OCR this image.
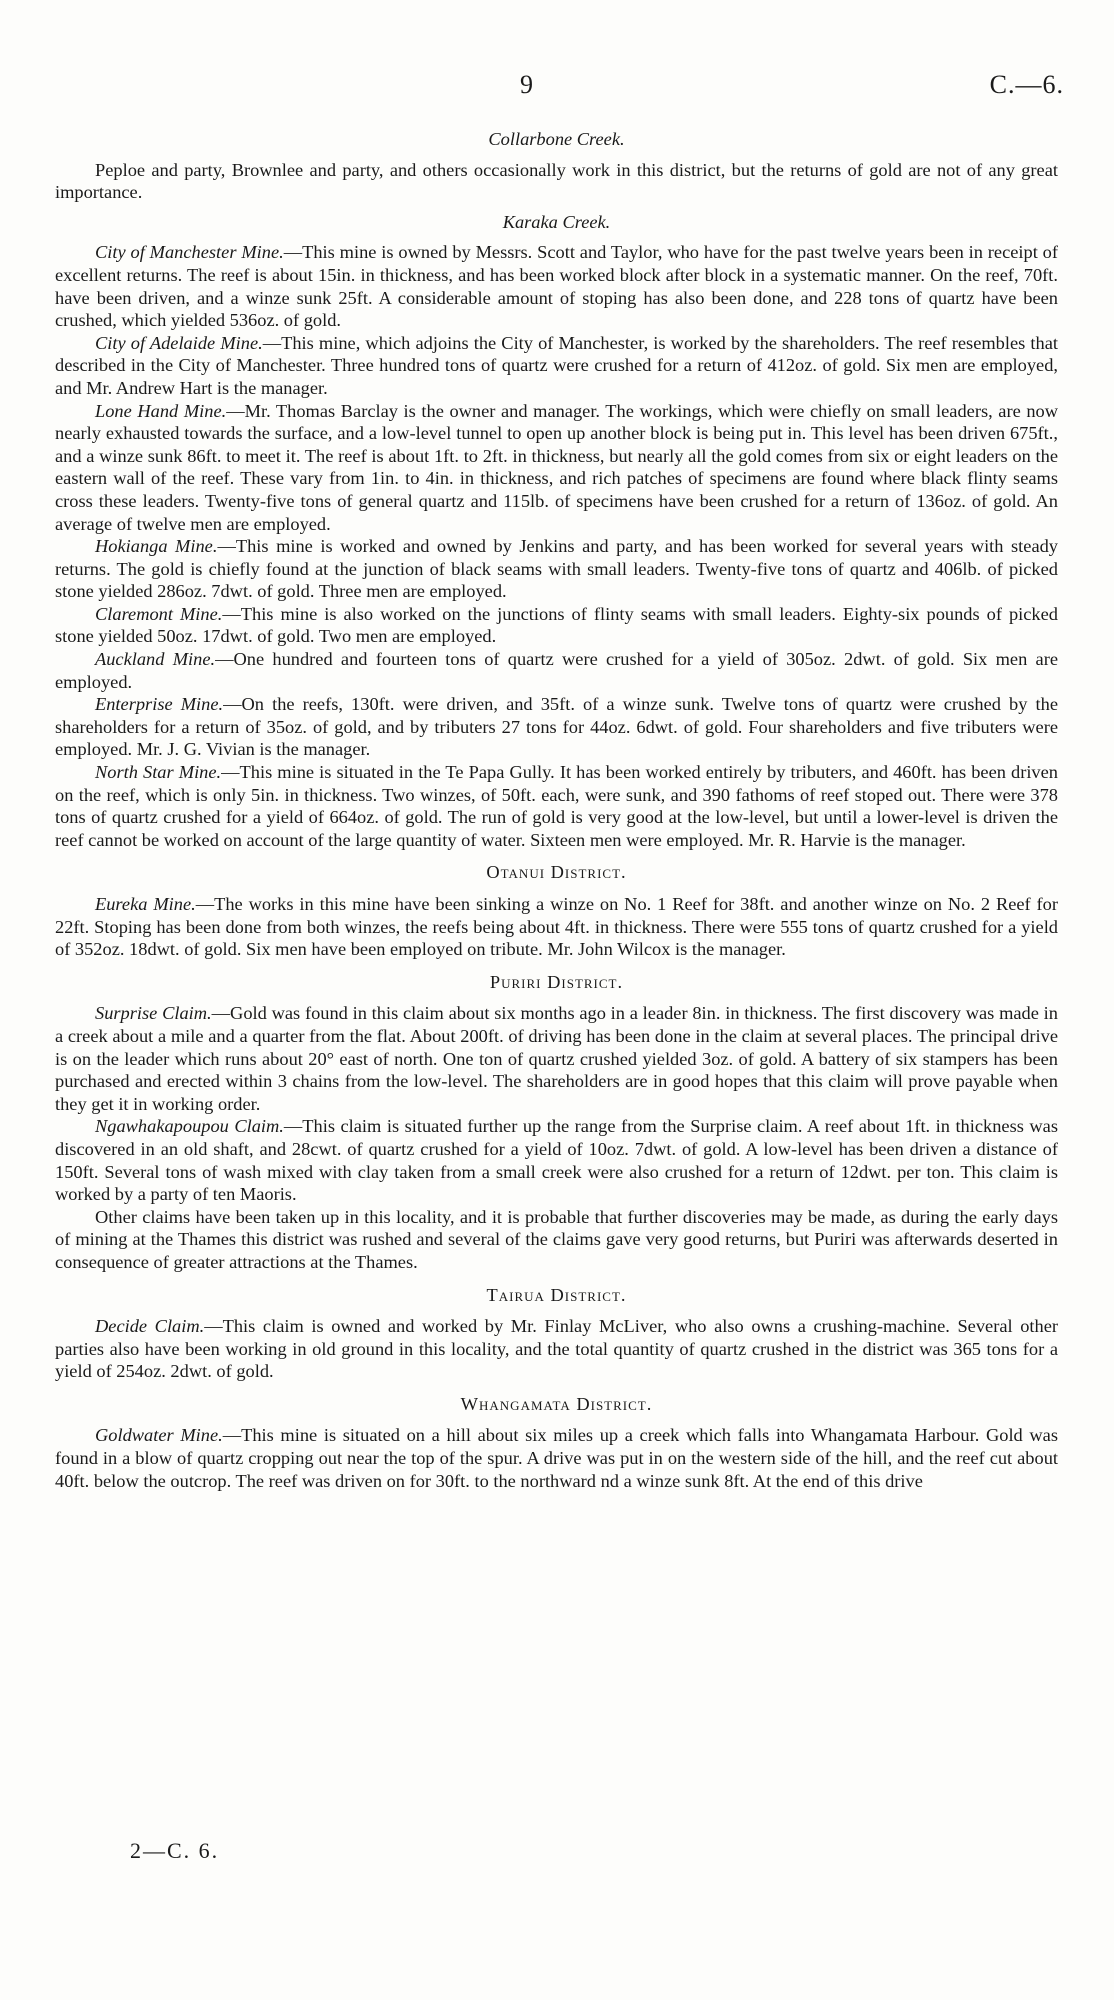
9	C.—6.
Collarbone Creek.

Peploe and party, Brownlee and party, and others occasionally work in this district, but the returns of gold are not of any great importance.

Karaka Creek.

City of Manchester Mine.—This mine is owned by Messrs. Scott and Taylor, who have for the past twelve years been in receipt of excellent returns. The reef is about 15in. in thickness, and has been worked block after block in a systematic manner. On the reef, 70ft. have been driven, and a winze sunk 25ft. A considerable amount of stoping has also been done, and 228 tons of quartz have been crushed, which yielded 536oz. of gold.

City of Adelaide Mine.—This mine, which adjoins the City of Manchester, is worked by the shareholders. The reef resembles that described in the City of Manchester. Three hundred tons of quartz were crushed for a return of 412oz. of gold. Six men are employed, and Mr. Andrew Hart is the manager.

Lone Hand Mine.—Mr. Thomas Barclay is the owner and manager. The workings, which were chiefly on small leaders, are now nearly exhausted towards the surface, and a low-level tunnel to open up another block is being put in. This level has been driven 675ft., and a winze sunk 86ft. to meet it. The reef is about 1ft. to 2ft. in thickness, but nearly all the gold comes from six or eight leaders on the eastern wall of the reef. These vary from 1in. to 4in. in thickness, and rich patches of specimens are found where black flinty seams cross these leaders. Twenty-five tons of general quartz and 115lb. of specimens have been crushed for a return of 136oz. of gold. An average of twelve men are employed.

Hokianga Mine.—This mine is worked and owned by Jenkins and party, and has been worked for several years with steady returns. The gold is chiefly found at the junction of black seams with small leaders. Twenty-five tons of quartz and 406lb. of picked stone yielded 286oz. 7dwt. of gold. Three men are employed.

Claremont Mine.—This mine is also worked on the junctions of flinty seams with small leaders. Eighty-six pounds of picked stone yielded 50oz. 17dwt. of gold. Two men are employed.

Auckland Mine.—One hundred and fourteen tons of quartz were crushed for a yield of 305oz. 2dwt. of gold. Six men are employed.

Enterprise Mine.—On the reefs, 130ft. were driven, and 35ft. of a winze sunk. Twelve tons of quartz were crushed by the shareholders for a return of 35oz. of gold, and by tributers 27 tons for 44oz. 6dwt. of gold. Four shareholders and five tributers were employed. Mr. J. G. Vivian is the manager.

North Star Mine.—This mine is situated in the Te Papa Gully. It has been worked entirely by tributers, and 460ft. has been driven on the reef, which is only 5in. in thickness. Two winzes, of 50ft. each, were sunk, and 390 fathoms of reef stoped out. There were 378 tons of quartz crushed for a yield of 664oz. of gold. The run of gold is very good at the low-level, but until a lower-level is driven the reef cannot be worked on account of the large quantity of water. Sixteen men were employed. Mr. R. Harvie is the manager.

Otanui District.

Eureka Mine.—The works in this mine have been sinking a winze on No. 1 Reef for 38ft. and another winze on No. 2 Reef for 22ft. Stoping has been done from both winzes, the reefs being about 4ft. in thickness. There were 555 tons of quartz crushed for a yield of 352oz. 18dwt. of gold. Six men have been employed on tribute. Mr. John Wilcox is the manager.

Puriri District.

Surprise Claim.—Gold was found in this claim about six months ago in a leader 8in. in thickness. The first discovery was made in a creek about a mile and a quarter from the flat. About 200ft. of driving has been done in the claim at several places. The principal drive is on the leader which runs about 20° east of north. One ton of quartz crushed yielded 3oz. of gold. A battery of six stampers has been purchased and erected within 3 chains from the low-level. The shareholders are in good hopes that this claim will prove payable when they get it in working order.

Ngawhakapoupou Claim.—This claim is situated further up the range from the Surprise claim. A reef about 1ft. in thickness was discovered in an old shaft, and 28cwt. of quartz crushed for a yield of 10oz. 7dwt. of gold. A low-level has been driven a distance of 150ft. Several tons of wash mixed with clay taken from a small creek were also crushed for a return of 12dwt. per ton. This claim is worked by a party of ten Maoris.

Other claims have been taken up in this locality, and it is probable that further discoveries may be made, as during the early days of mining at the Thames this district was rushed and several of the claims gave very good returns, but Puriri was afterwards deserted in consequence of greater attractions at the Thames.

Tairua District.

Decide Claim.—This claim is owned and worked by Mr. Finlay McLiver, who also owns a crushing-machine. Several other parties also have been working in old ground in this locality, and the total quantity of quartz crushed in the district was 365 tons for a yield of 254oz. 2dwt. of gold.

Whangamata District.

Goldwater Mine.—This mine is situated on a hill about six miles up a creek which falls into Whangamata Harbour. Gold was found in a blow of quartz cropping out near the top of the spur. A drive was put in on the western side of the hill, and the reef cut about 40ft. below the outcrop. The reef was driven on for 30ft. to the northward nd a winze sunk 8ft. At the end of this drive

2—C. 6.
